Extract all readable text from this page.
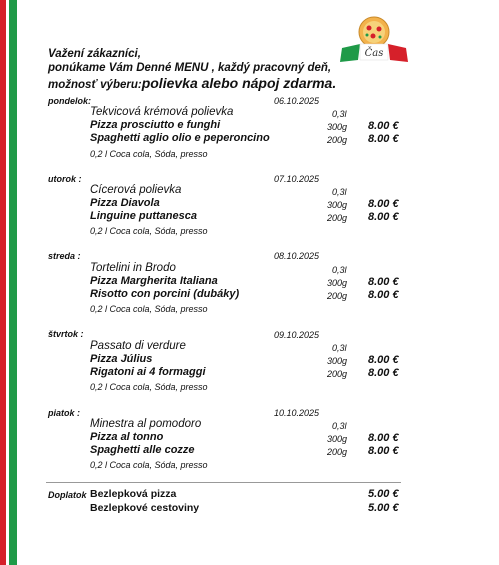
Čas
Važení zákazníci,
ponúkame Vám Denné MENU , každý pracovný deň,
možnosť výberu:polievka alebo nápoj zdarma.
pondelok:	06.10.2025
Tekvicová krémová polievka	0,3l
Pizza prosciutto e funghi	300g 8.00 €
Spaghetti aglio olio e peperoncino	200g 8.00 €
0,2 l Coca cola, Sóda, presso
utorok :	07.10.2025
Cícerová polievka	0,3l
Pizza Diavola	300g 8.00 €
Linguine puttanesca	200g 8.00 €
0,2 l Coca cola, Sóda, presso
streda :	08.10.2025
Tortelini in Brodo	0,3l
Pizza Margherita Italiana	300g 8.00 €
Risotto con porcini (dubáky)	200g 8.00 €
0,2 l Coca cola, Sóda, presso
štvrtok :	09.10.2025
Passato di verdure	0,3l
Pizza Július	300g 8.00 €
Rigatoni ai 4 formaggi	200g 8.00 €
0,2 l Coca cola, Sóda, presso
piatok :	10.10.2025
Minestra al pomodoro	0,3l
Pizza al tonno	300g 8.00 €
Spaghetti alle cozze	200g 8.00 €
0,2 l Coca cola, Sóda, presso
Doplatok Bezlepková pizza	5.00 €
Bezlepkové cestoviny	5.00 €
